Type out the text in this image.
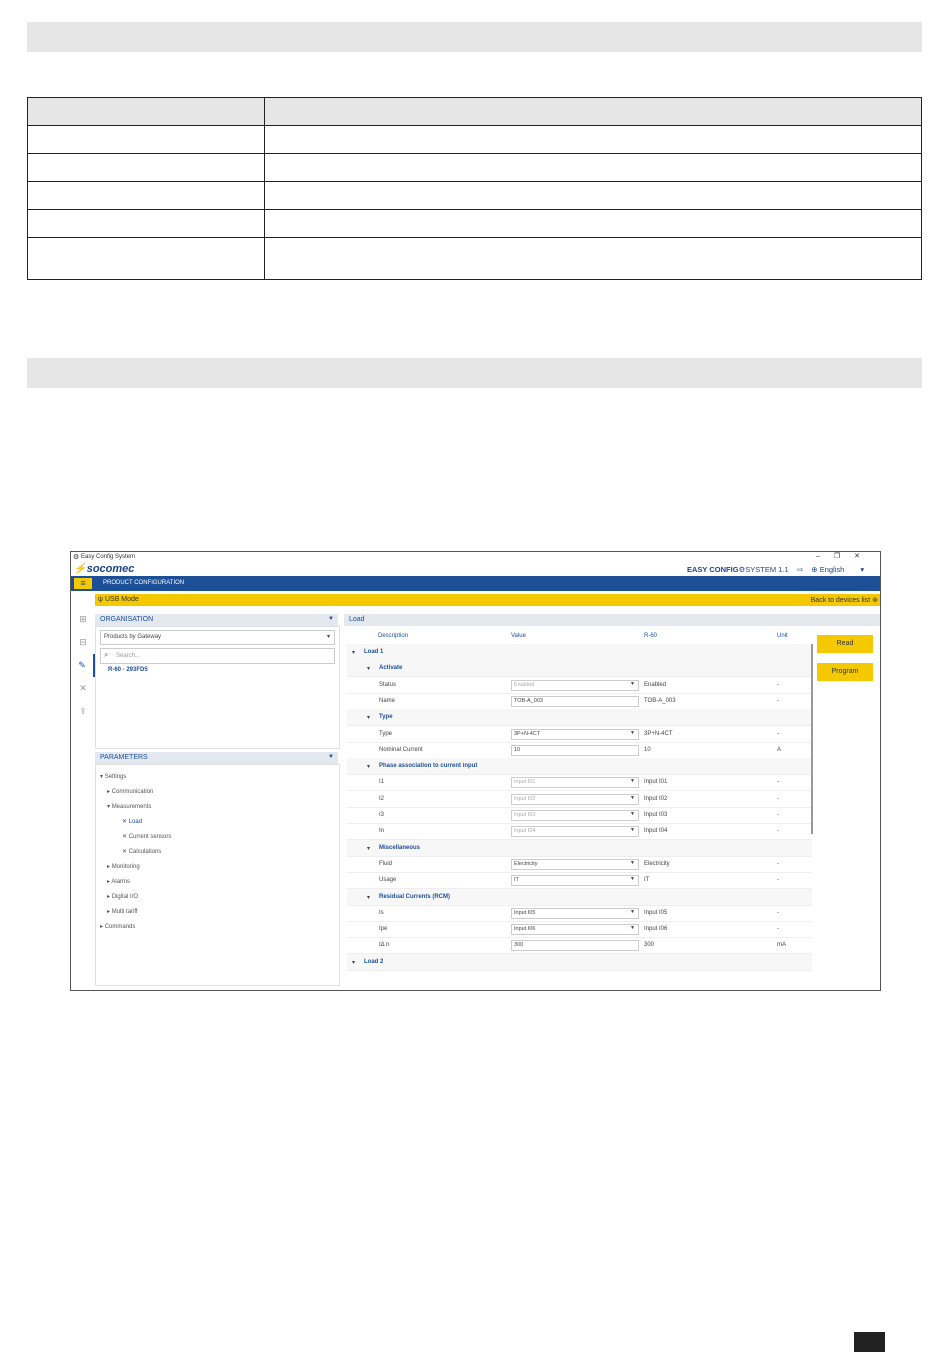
⚙ Easy Config System	–❐✕
⚡socomec	EASY CONFIG⚙SYSTEM 1.1 ⇨ ⊕ English ▾
≡	PRODUCT CONFIGURATION
ψ USB Mode	Back to devices list ⊛
⊞
⊟
✎
✕
⇪
ORGANISATION	▼
Products by Gateway	▾
⌕ Search...
R-60 - 293FD5
PARAMETERS	▼
▾ Settings
▸ Communication
▾ Measurements
✕ Load
✕ Current sensors
✕ Calculations
▸ Monitoring
▸ Alarms
▸ Digital I/O
▸ Multi tariff
▸ Commands
Load
Description	Value	R-60	Unit
▾ Load 1
▾ Activate
Status	Enabled	▼ Enabled	-
Name	TOB-A_003	TOB-A_003	-
▾ Type
Type	3P+N-4CT	▼ 3P+N-4CT	-
Nominal Current	10	10	A
▾ Phase association to current input
I1	Input I01	▼ Input I01	-
I2	Input I02	▼ Input I02	-
I3	Input I03	▼ Input I03	-
In	Input I04	▼ Input I04	-
▾ Miscellaneous
Fluid	Electricity	▼ Electricity	-
Usage	IT	▼ IT	-
▾ Residual Currents (RCM)
Is	Input I05	▼ Input I05	-
Ipe	Input I06	▼ Input I06	-
IΔ n	300	300	mA
▾ Load 2
Read
Program
